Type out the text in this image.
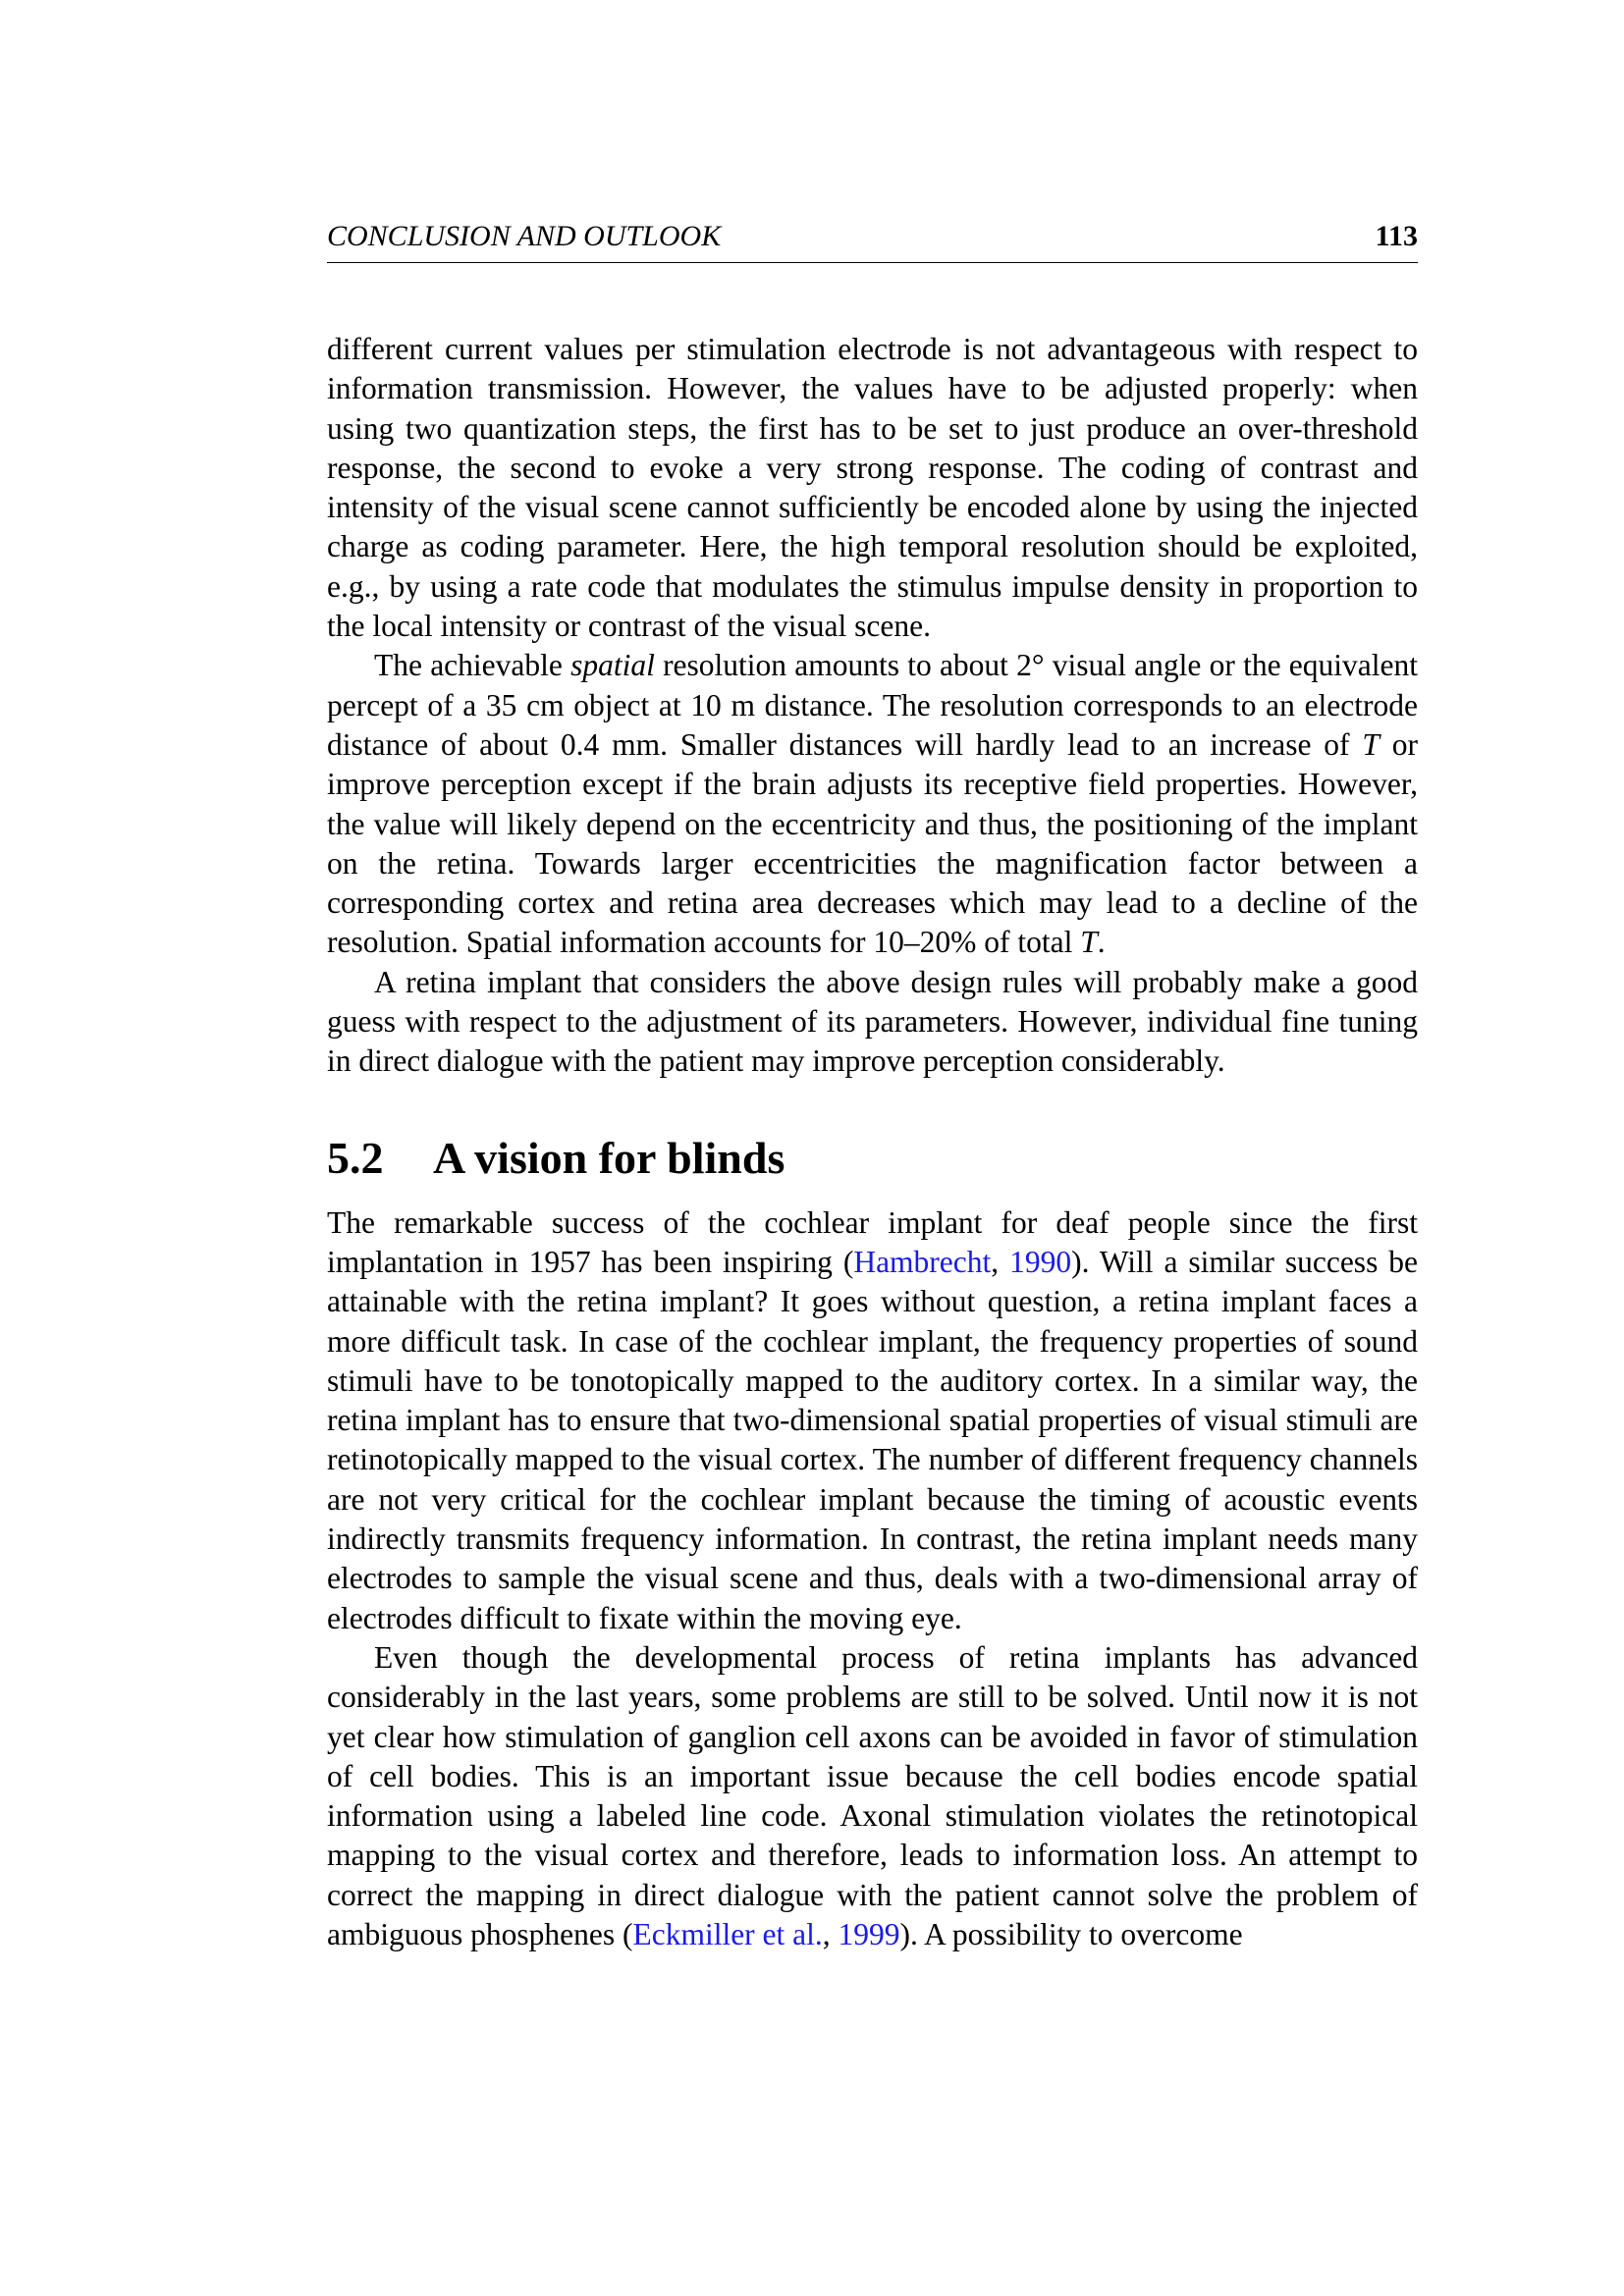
CONCLUSION AND OUTLOOK	113

different current values per stimulation electrode is not advantageous with respect to information transmission. However, the values have to be adjusted properly: when using two quantization steps, the first has to be set to just produce an over-threshold response, the second to evoke a very strong response. The coding of contrast and intensity of the visual scene cannot sufficiently be encoded alone by using the injected charge as coding parameter. Here, the high temporal resolution should be exploited, e.g., by using a rate code that modulates the stimulus impulse density in proportion to the local intensity or contrast of the visual scene.

The achievable spatial resolution amounts to about 2° visual angle or the equivalent percept of a 35 cm object at 10 m distance. The resolution corresponds to an electrode distance of about 0.4 mm. Smaller distances will hardly lead to an increase of T or improve perception except if the brain adjusts its receptive field properties. However, the value will likely depend on the eccentricity and thus, the positioning of the implant on the retina. Towards larger eccentricities the magnification factor between a corresponding cortex and retina area decreases which may lead to a decline of the resolution. Spatial information accounts for 10–20% of total T.

A retina implant that considers the above design rules will probably make a good guess with respect to the adjustment of its parameters. However, individual fine tuning in direct dialogue with the patient may improve perception considerably.

5.2 A vision for blinds

The remarkable success of the cochlear implant for deaf people since the first implantation in 1957 has been inspiring (Hambrecht, 1990). Will a similar success be attainable with the retina implant? It goes without question, a retina implant faces a more difficult task. In case of the cochlear implant, the frequency properties of sound stimuli have to be tonotopically mapped to the auditory cortex. In a similar way, the retina implant has to ensure that two-dimensional spatial properties of visual stimuli are retinotopically mapped to the visual cortex. The number of different frequency channels are not very critical for the cochlear implant because the timing of acoustic events indirectly transmits frequency information. In contrast, the retina implant needs many electrodes to sample the visual scene and thus, deals with a two-dimensional array of electrodes difficult to fixate within the moving eye.

Even though the developmental process of retina implants has advanced considerably in the last years, some problems are still to be solved. Until now it is not yet clear how stimulation of ganglion cell axons can be avoided in favor of stimulation of cell bodies. This is an important issue because the cell bodies encode spatial information using a labeled line code. Axonal stimulation violates the retinotopical mapping to the visual cortex and therefore, leads to information loss. An attempt to correct the mapping in direct dialogue with the patient cannot solve the problem of ambiguous phosphenes (Eckmiller et al., 1999). A possibility to overcome
